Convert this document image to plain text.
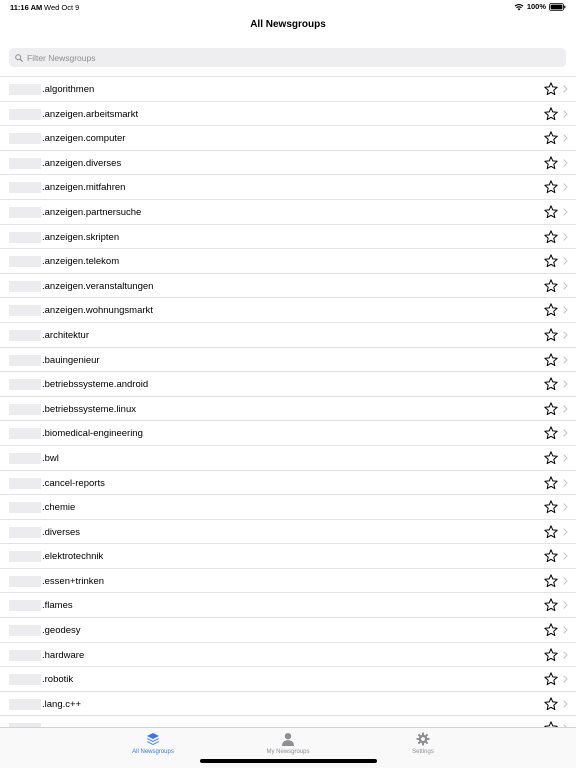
11:16 AM Wed Oct 9	100%
All Newsgroups
Filter Newsgroups
.algorithmen
.anzeigen.arbeitsmarkt
.anzeigen.computer
.anzeigen.diverses
.anzeigen.mitfahren
.anzeigen.partnersuche
.anzeigen.skripten
.anzeigen.telekom
.anzeigen.veranstaltungen
.anzeigen.wohnungsmarkt
.architektur
.bauingenieur
.betriebssysteme.android
.betriebssysteme.linux
.biomedical-engineering
.bwl
.cancel-reports
.chemie
.diverses
.elektrotechnik
.essen+trinken
.flames
.geodesy
.hardware
.robotik
.lang.c++
All Newsgroups	My Newsgroups	Settings
